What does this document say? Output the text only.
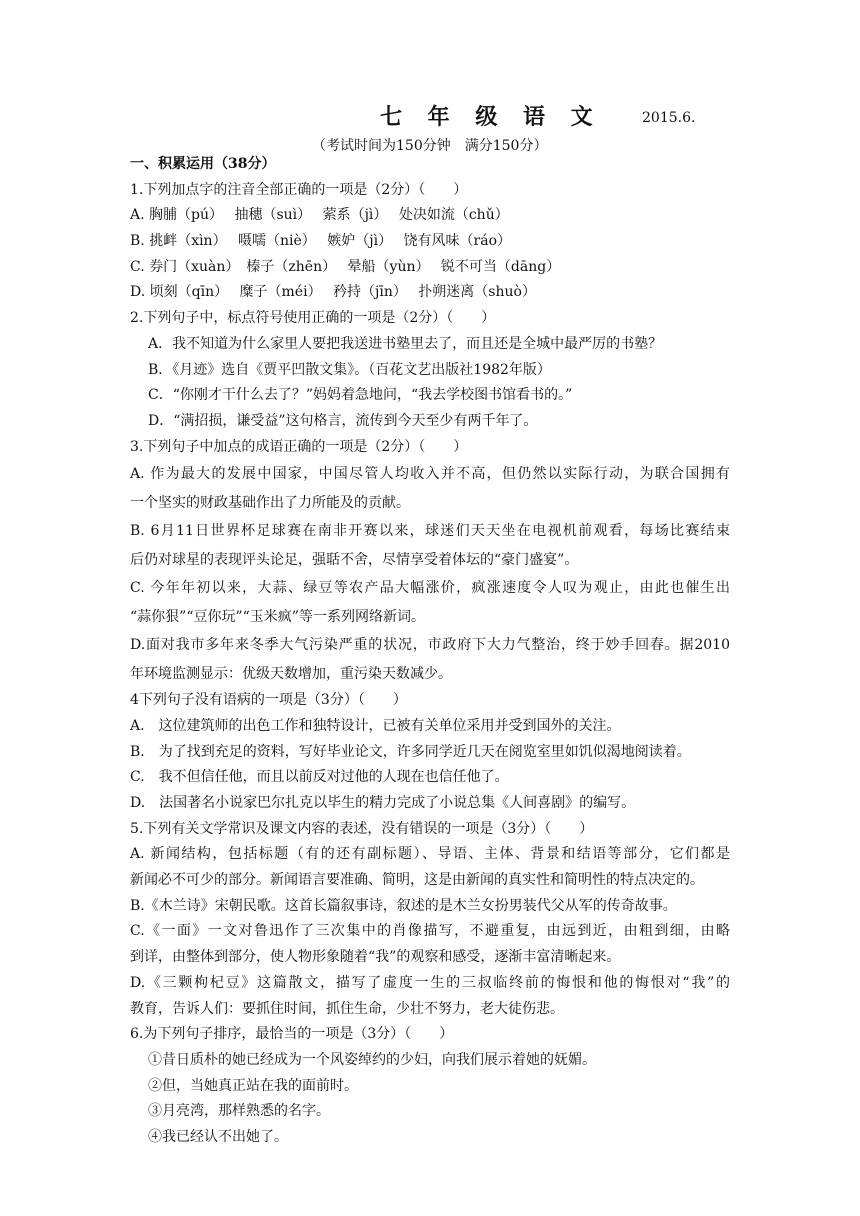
七 年 级 语 文	2015.6.
（考试时间为150分钟　满分150分）
一、积累运用（38分）
1.下列加点字的注音全部正确的一项是（2分）（　　）
A. 胸脯（pú）　 抽穗（suì）　 萦系（jì）　 处决如流（chǔ）
B. 挑衅（xìn）　 嗫嚅（niè）　 嫉妒（jì）　 饶有风味（ráo）
C. 券门（xuàn）　榛子（zhēn）　 晕船（yùn）　 锐不可当（dāng）
D. 顷刻（qīn）　 糜子（méi）　 矜持（jīn）　 扑朔迷离（shuò）
2.下列句子中，标点符号使用正确的一项是（2分）（　　）
A．我不知道为什么家里人要把我送进书塾里去了，而且还是全城中最严厉的书塾？
B．《月迹》选自《贾平凹散文集》。（百花文艺出版社1982年版）
C．“你刚才干什么去了？”妈妈着急地问，“我去学校图书馆看书的。”
D．“满招损，谦受益”这句格言，流传到今天至少有两千年了。
3.下列句子中加点的成语正确的一项是（2分）（　　）
A. 作为最大的发展中国家，中国尽管人均收入并不高，但仍然以实际行动，为联合国拥有
一个坚实的财政基础作出了力所能及的贡献。
B. 6月11日世界杯足球赛在南非开赛以来，球迷们天天坐在电视机前观看，每场比赛结束
后仍对球星的表现评头论足，强聒不舍，尽情享受着体坛的“豪门盛宴”。
C. 今年年初以来，大蒜、绿豆等农产品大幅涨价，疯涨速度令人叹为观止，由此也催生出
“蒜你狠”“豆你玩”“玉米疯”等一系列网络新词。
D.面对我市多年来冬季大气污染严重的状况，市政府下大力气整治，终于妙手回春。据2010
年环境监测显示：优级天数增加，重污染天数减少。
4下列句子没有语病的一项是（3分）（　　）
A.　这位建筑师的出色工作和独特设计，已被有关单位采用并受到国外的关注。
B.　为了找到充足的资料，写好毕业论文，许多同学近几天在阅览室里如饥似渴地阅读着。
C.　我不但信任他，而且以前反对过他的人现在也信任他了。
D.　法国著名小说家巴尔扎克以毕生的精力完成了小说总集《人间喜剧》的编写。
5.下列有关文学常识及课文内容的表述，没有错误的一项是（3分）（　　）
A. 新闻结构，包括标题（有的还有副标题）、导语、主体、背景和结语等部分，它们都是
新闻必不可少的部分。新闻语言要准确、简明，这是由新闻的真实性和简明性的特点决定的。
B.《木兰诗》宋朝民歌。这首长篇叙事诗，叙述的是木兰女扮男装代父从军的传奇故事。
C.《一面》一文对鲁迅作了三次集中的肖像描写，不避重复，由远到近，由粗到细，由略
到详，由整体到部分，使人物形象随着“我”的观察和感受，逐渐丰富清晰起来。
D.《三颗枸杞豆》这篇散文，描写了虚度一生的三叔临终前的悔恨和他的悔恨对“我”的
教育，告诉人们：要抓住时间，抓住生命，少壮不努力，老大徒伤悲。
6.为下列句子排序，最恰当的一项是（3分）（　　）
①昔日质朴的她已经成为一个风姿绰约的少妇，向我们展示着她的妩媚。
②但，当她真正站在我的面前时。
③月亮湾，那样熟悉的名字。
④我已经认不出她了。
